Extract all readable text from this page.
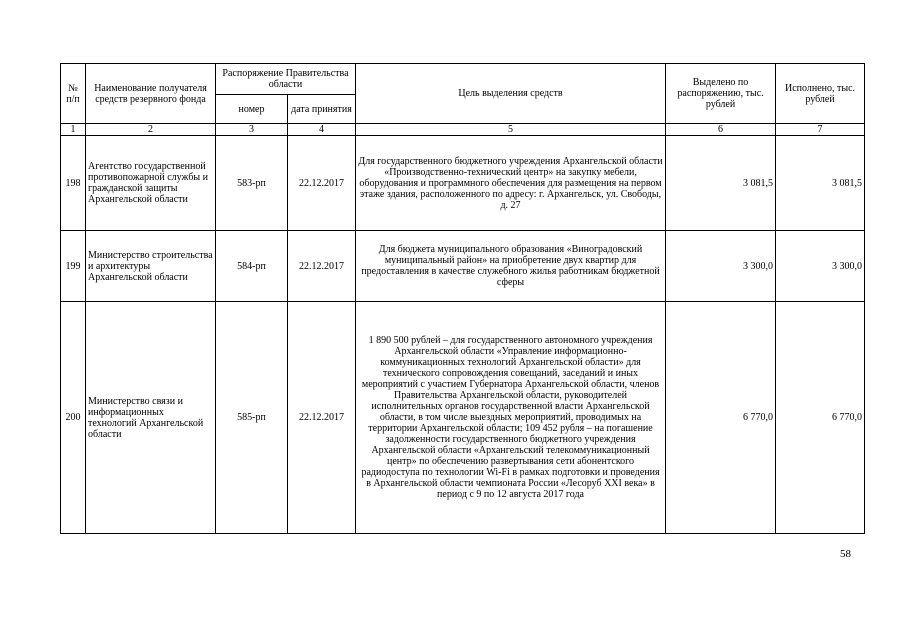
№
п/п	Наименование получателя средств резервного фонда	Распоряжение Правительства области		Цель выделения средств	Выделено по распоряжению, тыс. рублей	Исполнено, тыс. рублей
		номер	дата принятия			
1	2	3	4	5	6	7
198	Агентство государственной противопожарной службы и гражданской защиты Архангельской области	583-рп	22.12.2017	Для государственного бюджетного учреждения Архангельской области «Производственно-технический центр» на закупку мебели, оборудования и программного обеспечения для размещения на первом этаже здания, расположенного по адресу: г. Архангельск, ул. Свободы, д. 27	3 081,5	3 081,5
199	Министерство строительства и архитектуры Архангельской области	584-рп	22.12.2017	Для бюджета муниципального образования «Виноградовский муниципальный район» на приобретение двух квартир для предоставления в качестве служебного жилья работникам бюджетной сферы	3 300,0	3 300,0
200	Министерство связи и информационных технологий Архангельской области	585-рп	22.12.2017	1 890 500 рублей – для государственного автономного учреждения Архангельской области «Управление информационно-коммуникационных технологий Архангельской области» для технического сопровождения совещаний, заседаний и иных мероприятий с участием Губернатора Архангельской области, членов Правительства Архангельской области, руководителей исполнительных органов государственной власти Архангельской области, в том числе выездных мероприятий, проводимых на территории Архангельской области; 109 452 рубля – на погашение задолженности государственного бюджетного учреждения Архангельской области «Архангельский телекоммуникационный центр» по обеспечению развертывания сети абонентского радиодоступа по технологии Wi-Fi в рамках подготовки и проведения в Архангельской области чемпионата России «Лесоруб XXI века» в период с 9 по 12 августа 2017 года	6 770,0	6 770,0
58
